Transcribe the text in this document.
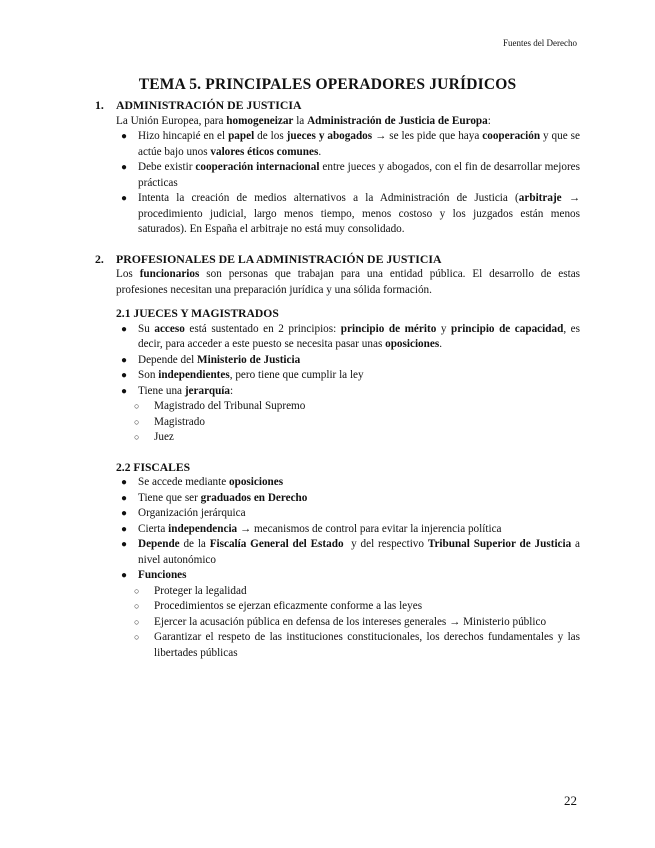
Fuentes del Derecho
TEMA 5. PRINCIPALES OPERADORES JURÍDICOS
1.	ADMINISTRACIÓN DE JUSTICIA
La Unión Europea, para homogeneizar la Administración de Justicia de Europa:
● Hizo hincapié en el papel de los jueces y abogados → se les pide que haya cooperación y que se actúe bajo unos valores éticos comunes.
● Debe existir cooperación internacional entre jueces y abogados, con el fin de desarrollar mejores prácticas
● Intenta la creación de medios alternativos a la Administración de Justicia (arbitraje → procedimiento judicial, largo menos tiempo, menos costoso y los juzgados están menos saturados). En España el arbitraje no está muy consolidado.
2.	PROFESIONALES DE LA ADMINISTRACIÓN DE JUSTICIA
Los funcionarios son personas que trabajan para una entidad pública. El desarrollo de estas profesiones necesitan una preparación jurídica y una sólida formación.
2.1 JUECES Y MAGISTRADOS
● Su acceso está sustentado en 2 principios: principio de mérito y principio de capacidad, es decir, para acceder a este puesto se necesita pasar unas oposiciones.
● Depende del Ministerio de Justicia
● Son independientes, pero tiene que cumplir la ley
● Tiene una jerarquía:
○ Magistrado del Tribunal Supremo
○ Magistrado
○ Juez
2.2 FISCALES
● Se accede mediante oposiciones
● Tiene que ser graduados en Derecho
● Organización jerárquica
● Cierta independencia → mecanismos de control para evitar la injerencia política
● Depende de la Fiscalía General del Estado  y del respectivo Tribunal Superior de Justicia a nivel autonómico
● Funciones
○ Proteger la legalidad
○ Procedimientos se ejerzan eficazmente conforme a las leyes
○ Ejercer la acusación pública en defensa de los intereses generales → Ministerio público
○ Garantizar el respeto de las instituciones constitucionales, los derechos fundamentales y las libertades públicas
22
